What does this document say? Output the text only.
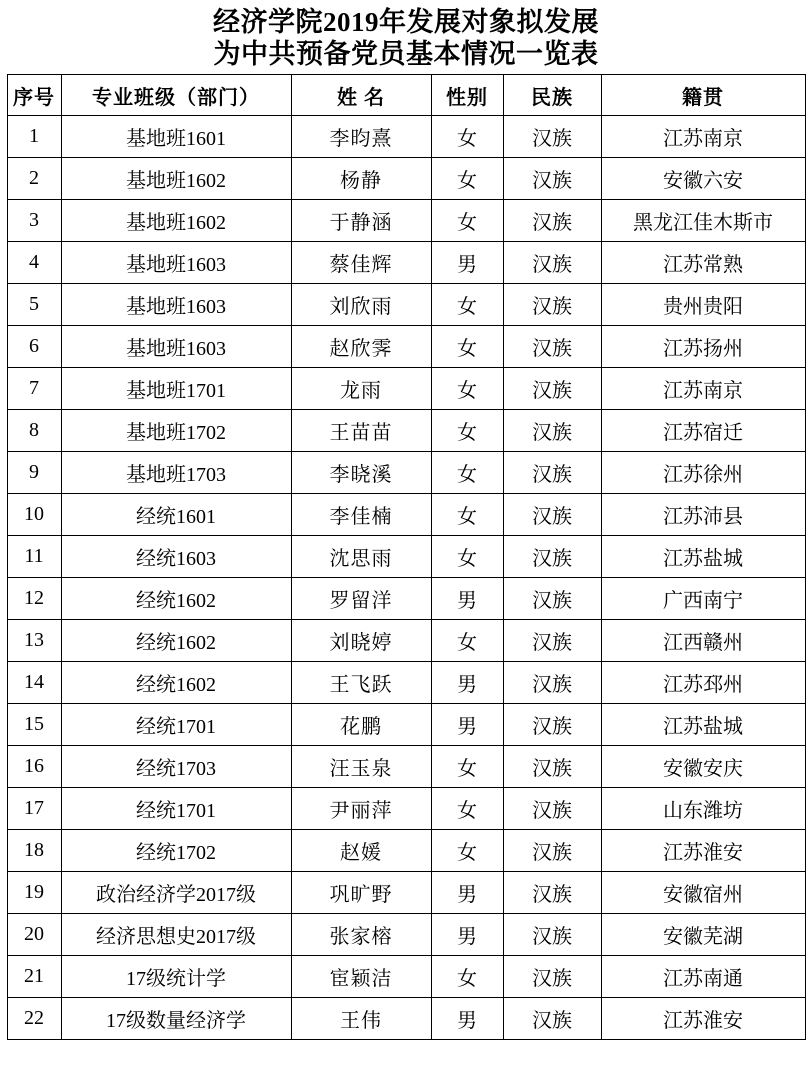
经济学院2019年发展对象拟发展
为中共预备党员基本情况一览表
序号	专业班级（部门）	姓 名	性别	民族	籍贯
1	基地班1601	李昀熹	女	汉族	江苏南京
2	基地班1602	杨静	女	汉族	安徽六安
3	基地班1602	于静涵	女	汉族	黑龙江佳木斯市
4	基地班1603	蔡佳辉	男	汉族	江苏常熟
5	基地班1603	刘欣雨	女	汉族	贵州贵阳
6	基地班1603	赵欣霁	女	汉族	江苏扬州
7	基地班1701	龙雨	女	汉族	江苏南京
8	基地班1702	王苗苗	女	汉族	江苏宿迁
9	基地班1703	李晓溪	女	汉族	江苏徐州
10	经统1601	李佳楠	女	汉族	江苏沛县
11	经统1603	沈思雨	女	汉族	江苏盐城
12	经统1602	罗留洋	男	汉族	广西南宁
13	经统1602	刘晓婷	女	汉族	江西赣州
14	经统1602	王飞跃	男	汉族	江苏邳州
15	经统1701	花鹏	男	汉族	江苏盐城
16	经统1703	汪玉泉	女	汉族	安徽安庆
17	经统1701	尹丽萍	女	汉族	山东潍坊
18	经统1702	赵媛	女	汉族	江苏淮安
19	政治经济学2017级	巩旷野	男	汉族	安徽宿州
20	经济思想史2017级	张家榕	男	汉族	安徽芜湖
21	17级统计学	宦颖洁	女	汉族	江苏南通
22	17级数量经济学	王伟	男	汉族	江苏淮安
